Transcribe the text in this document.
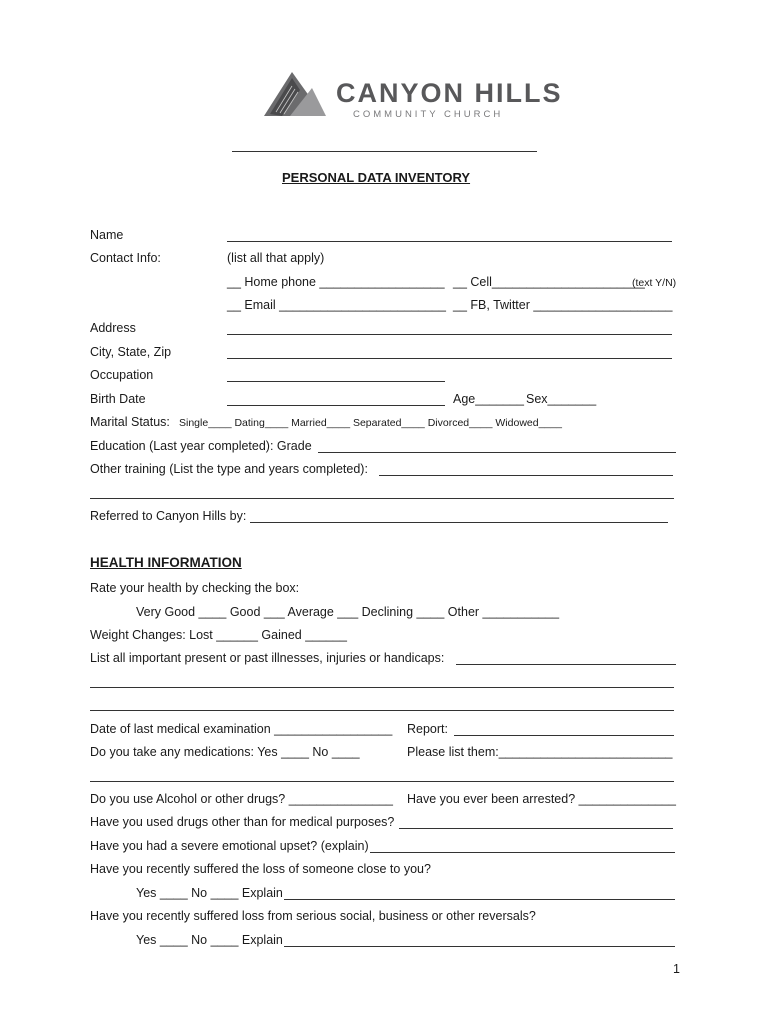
CANYON HILLS
COMMUNITY CHURCH
PERSONAL DATA INVENTORY
Name
Contact Info:	(list all that apply)
__ Home phone __________________ __ Cell______________________
(text Y/N)
__ Email ________________________ __ FB, Twitter ____________________
Address
City, State, Zip
Occupation
Birth Date	Age_______ Sex_______
Marital Status: Single____ Dating____ Married____ Separated____ Divorced____ Widowed____
Education (Last year completed): Grade
Other training (List the type and years completed):
Referred to Canyon Hills by:
HEALTH INFORMATION
Rate your health by checking the box:
Very Good ____ Good ___ Average ___ Declining ____ Other ___________
Weight Changes: Lost ______ Gained ______
List all important present or past illnesses, injuries or handicaps:
Date of last medical examination _________________ Report:
Do you take any medications: Yes ____ No ____	Please list them:_________________________
Do you use Alcohol or other drugs? _______________ Have you ever been arrested? ______________
Have you used drugs other than for medical purposes?
Have you had a severe emotional upset? (explain)
Have you recently suffered the loss of someone close to you?
Yes ____ No ____ Explain
Have you recently suffered loss from serious social, business or other reversals?
Yes ____ No ____ Explain
1
